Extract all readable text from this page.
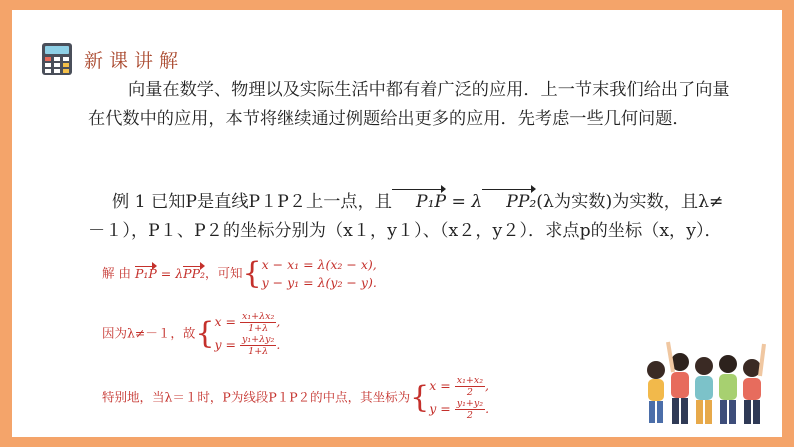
新课讲解
向量在数学、物理以及实际生活中都有着广泛的应用．上一节末我们给出了向量在代数中的应用，本节将继续通过例题给出更多的应用．先考虑一些几何问题．
例 1 已知P是直线P１P２上一点，且 P₁P = λ PP₂(λ为实数)为实数，且λ≠－１），P１、P２的坐标分别为（x１，y１）、（x２，y２）．求点p的坐标（x，y）．
解 由 P₁P = λPP₂，可知{ x − x₁ = λ(x₂ − x),
y − y₁ = λ(y₂ − y).
因为λ≠－１，故{ $x = \frac{\text{x₁+λx₂}}{1+\lambda}$ ,
$y = \frac{\text{y₁+λy₂}}{1+\lambda}$ .
特别地，当λ＝１时，P为线段P１P２的中点，其坐标为{ $x = \frac{\text{x₁+x₂}}{2}$ ,
$y = \frac{\text{y₁+y₂}}{2}$ .
